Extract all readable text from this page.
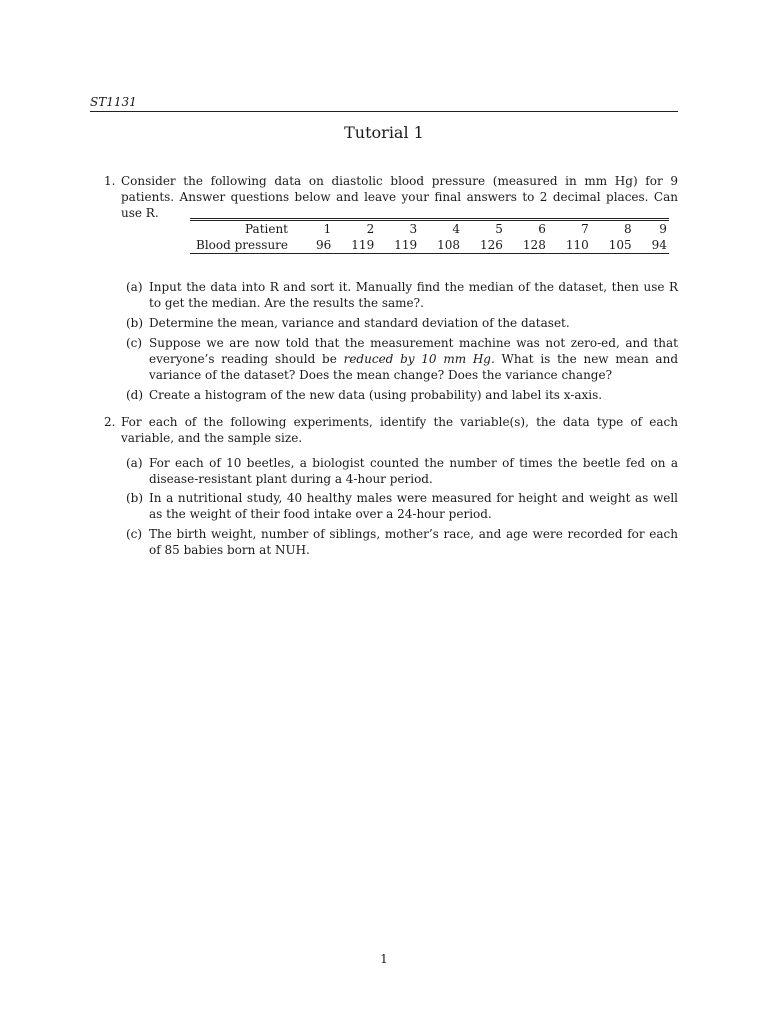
ST1131
Tutorial 1
1. Consider the following data on diastolic blood pressure (measured in mm Hg) for 9 patients. Answer questions below and leave your final answers to 2 decimal places. Can use R.
Patient	1	2	3	4	5	6	7	8	9
Blood pressure	96	119	119	108	126	128	110	105	94
(a) Input the data into R and sort it. Manually find the median of the dataset, then use R to get the median. Are the results the same?.
(b) Determine the mean, variance and standard deviation of the dataset.
(c) Suppose we are now told that the measurement machine was not zero-ed, and that everyone’s reading should be reduced by 10 mm Hg. What is the new mean and variance of the dataset? Does the mean change? Does the variance change?
(d) Create a histogram of the new data (using probability) and label its x-axis.
2. For each of the following experiments, identify the variable(s), the data type of each variable, and the sample size.
(a) For each of 10 beetles, a biologist counted the number of times the beetle fed on a disease-resistant plant during a 4-hour period.
(b) In a nutritional study, 40 healthy males were measured for height and weight as well as the weight of their food intake over a 24-hour period.
(c) The birth weight, number of siblings, mother’s race, and age were recorded for each of 85 babies born at NUH.
1
